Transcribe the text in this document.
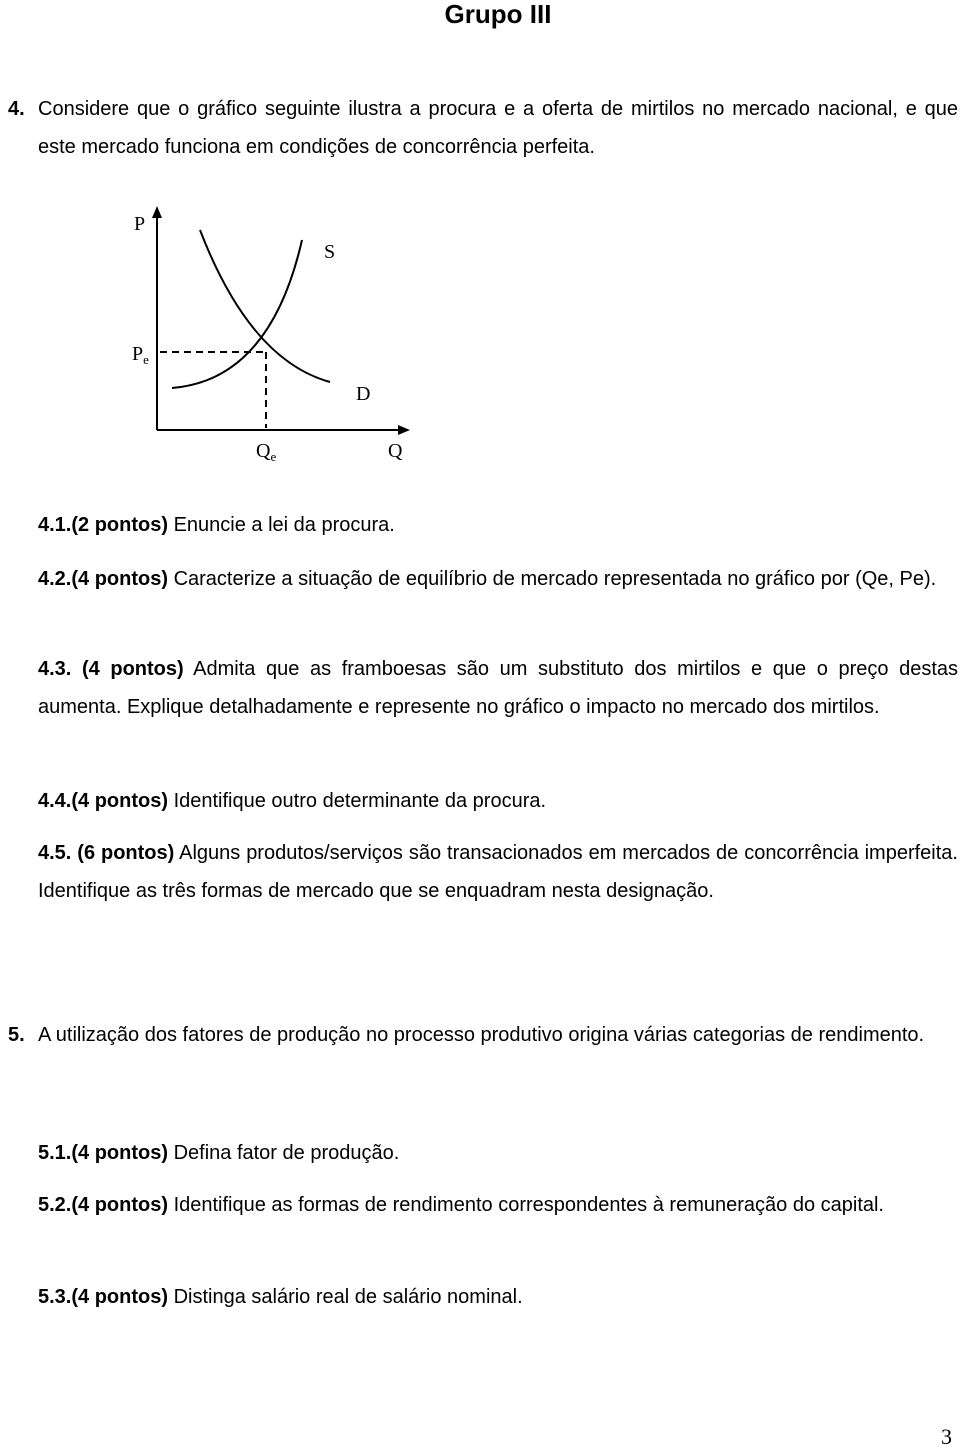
Grupo III
4. Considere que o gráfico seguinte ilustra a procura e a oferta de mirtilos no mercado nacional, e que este mercado funciona em condições de concorrência perfeita.
P
S
$P_e$
D
$Q_e$	Q
4.1.(2 pontos) Enuncie a lei da procura.
4.2.(4 pontos) Caracterize a situação de equilíbrio de mercado representada no gráfico por (Qe, Pe).
4.3. (4 pontos) Admita que as framboesas são um substituto dos mirtilos e que o preço destas aumenta. Explique detalhadamente e represente no gráfico o impacto no mercado dos mirtilos.
4.4.(4 pontos) Identifique outro determinante da procura.
4.5. (6 pontos) Alguns produtos/serviços são transacionados em mercados de concorrência imperfeita. Identifique as três formas de mercado que se enquadram nesta designação.
5. A utilização dos fatores de produção no processo produtivo origina várias categorias de rendimento.
5.1.(4 pontos) Defina fator de produção.
5.2.(4 pontos) Identifique as formas de rendimento correspondentes à remuneração do capital.
5.3.(4 pontos) Distinga salário real de salário nominal.
3
